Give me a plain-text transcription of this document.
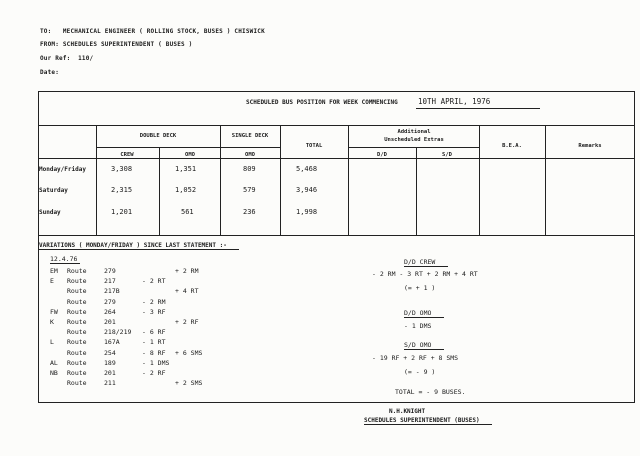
TO: MECHANICAL ENGINEER ( ROLLING STOCK, BUSES ) CHISWICK
FROM: SCHEDULES SUPERINTENDENT ( BUSES )
Our Ref: 110/
Date:
SCHEDULED BUS POSITION FOR WEEK COMMENCING	10TH APRIL, 1976
DOUBLE DECK	SINGLE DECK
TOTAL
Additional
Unscheduled Extras
B.E.A.	Remarks
CREW	OMO	OMO	D/D	S/D
Monday/Friday	3,308	1,351	809	5,468
Saturday	2,315	1,052	579	3,946
Sunday	1,201	561	236	1,998
VARIATIONS ( MONDAY/FRIDAY ) SINCE LAST STATEMENT :-
12.4.76
EM Route	279	+ 2 RM
E Route	217	- 2 RT
Route	217B	+ 4 RT
Route	279	- 2 RM
FW Route	264	- 3 RF
K Route	201	+ 2 RF
Route	218/219 - 6 RF
L Route	167A	- 1 RT
Route	254	- 8 RF + 6 SMS
AL Route	189	- 1 DMS
NB Route	201	- 2 RF
Route	211	+ 2 SMS
D/D CREW
- 2 RM - 3 RT + 2 RM + 4 RT
(= + 1 )
D/D OMO
- 1 DMS
S/D OMO
- 19 RF + 2 RF + 8 SMS
(= - 9 )
TOTAL = - 9 BUSES.
N.H.KNIGHT
SCHEDULES SUPERINTENDENT (BUSES)
